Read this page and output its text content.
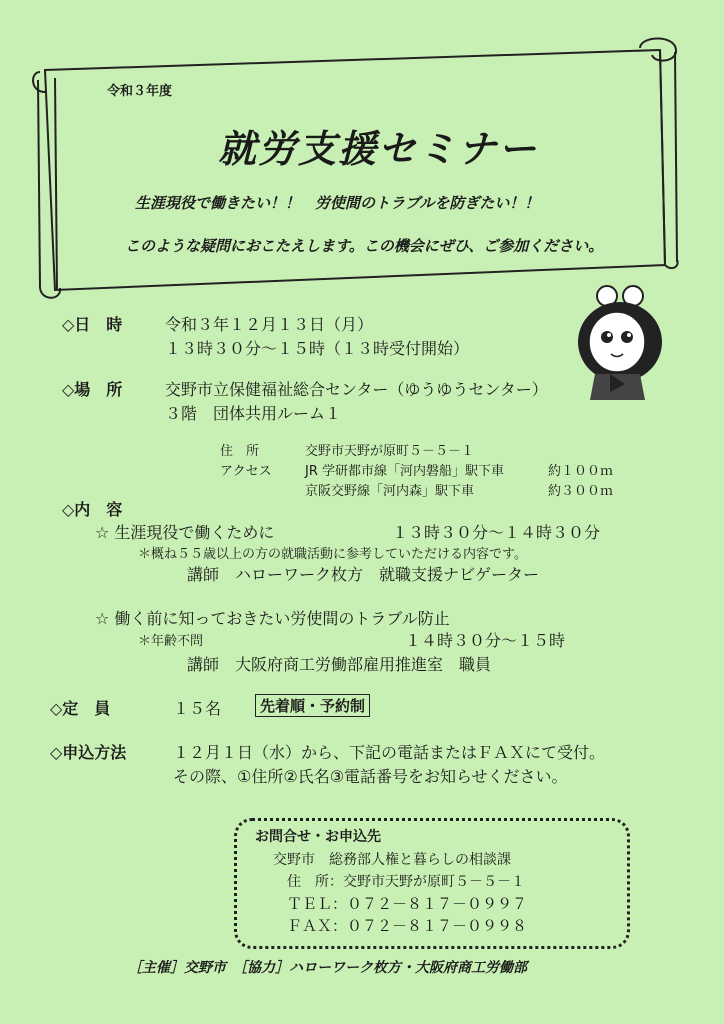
令和３年度
就労支援セミナー
生涯現役で働きたい！！　労使間のトラブルを防ぎたい！！
このような疑問におこたえします。この機会にぜひ、ご参加ください。
◇日　時	令和３年１２月１３日（月）
１３時３０分～１５時（１３時受付開始）
◇場　所	交野市立保健福祉総合センター（ゆうゆうセンター）
３階　団体共用ルーム１
住　所	交野市天野が原町５－５－１
アクセス	JR 学研都市線「河内磐船」駅下車	約１００ｍ
京阪交野線「河内森」駅下車	約３００ｍ
◇内　容
☆ 生涯現役で働くために	１３時３０分～１４時３０分
＊概ね５５歳以上の方の就職活動に参考していただける内容です。
講師　ハローワーク枚方　就職支援ナビゲーター
☆ 働く前に知っておきたい労使間のトラブル防止
＊年齢不問	１４時３０分～１５時
講師　大阪府商工労働部雇用推進室　職員
◇定　員	１５名	先着順・予約制
◇申込方法	１２月１日（水）から、下記の電話またはＦＡＸにて受付。
その際、①住所②氏名③電話番号をお知らせください。
お問合せ・お申込先
交野市　総務部人権と暮らしの相談課
住　所：交野市天野が原町５－５－１
ＴＥＬ：０７２－８１７－０９９７
ＦＡＸ：０７２－８１７－０９９８
［主催］交野市　［協力］ハローワーク枚方・大阪府商工労働部
